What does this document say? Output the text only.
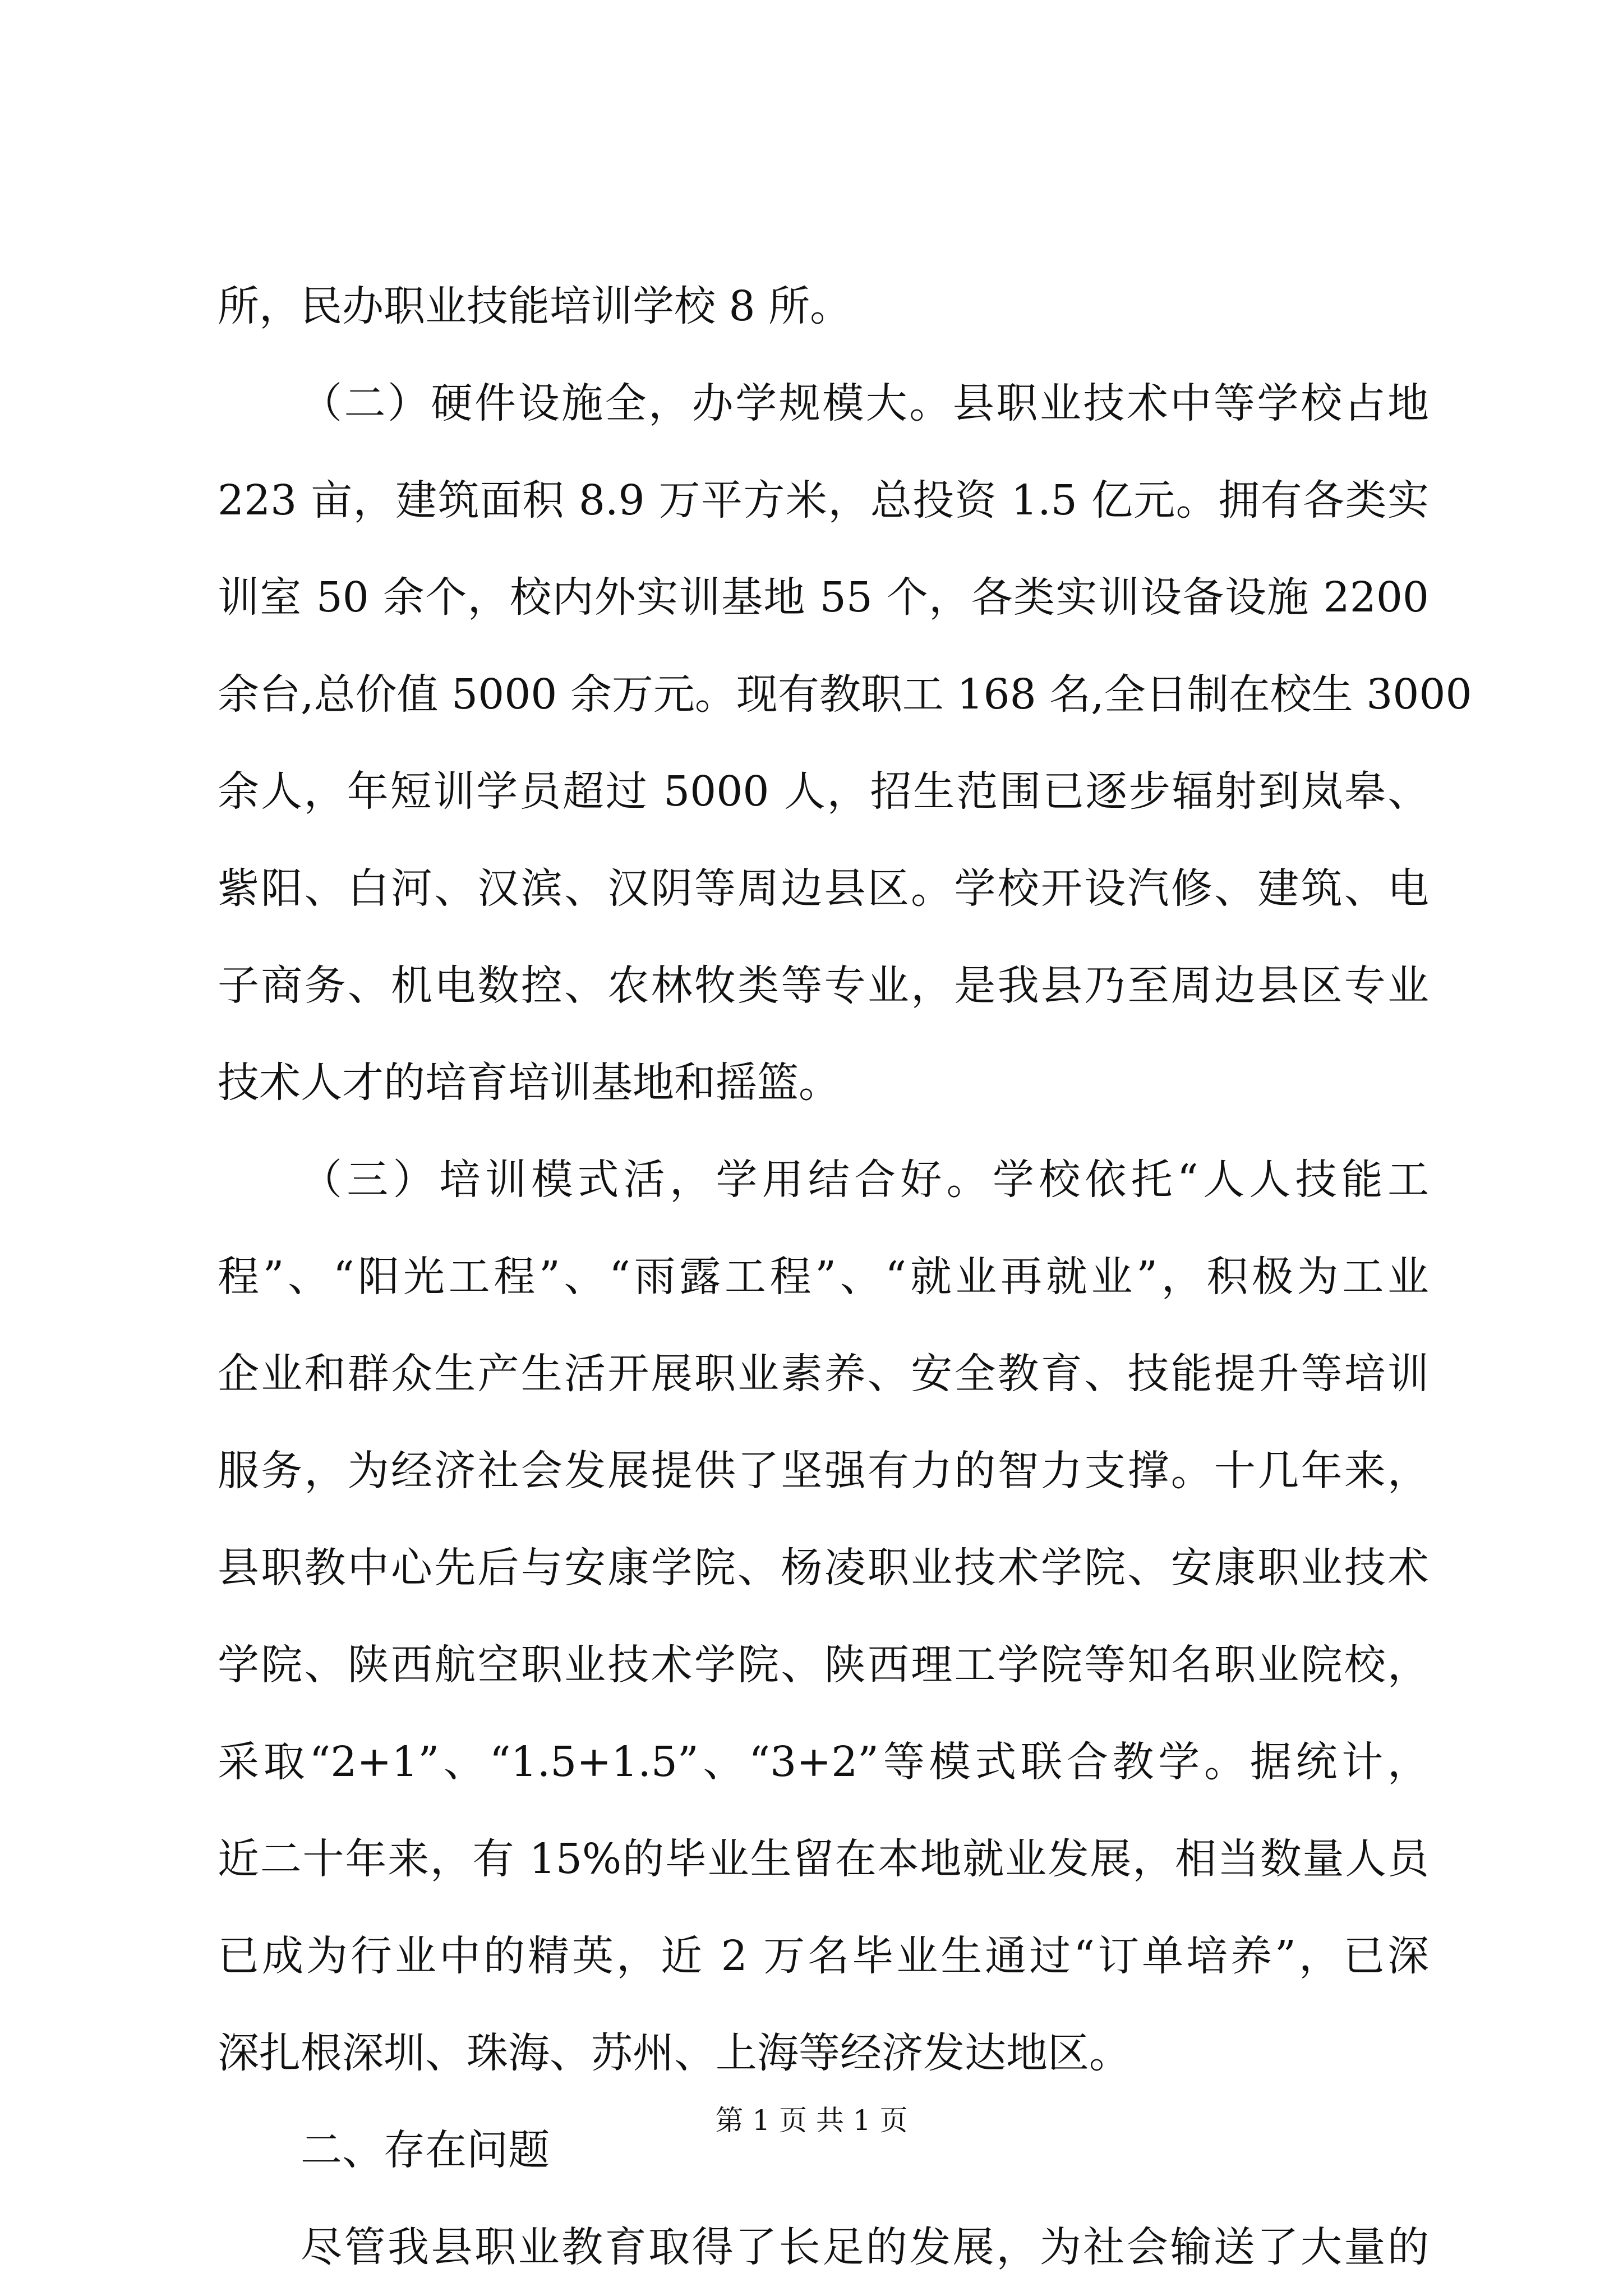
所，民办职业技能培训学校 8 所。
（二）硬件设施全，办学规模大。县职业技术中等学校占地
223 亩，建筑面积 8.9 万平方米，总投资 1.5 亿元。拥有各类实
训室 50 余个，校内外实训基地 55 个，各类实训设备设施 2200
余台,总价值 5000 余万元。现有教职工 168 名,全日制在校生 3000
余人，年短训学员超过 5000 人，招生范围已逐步辐射到岚皋、
紫阳、白河、汉滨、汉阴等周边县区。学校开设汽修、建筑、电
子商务、机电数控、农林牧类等专业，是我县乃至周边县区专业
技术人才的培育培训基地和摇篮。
（三）培训模式活，学用结合好。学校依托“人人技能工
程”、“阳光工程”、“雨露工程”、“就业再就业”，积极为工业
企业和群众生产生活开展职业素养、安全教育、技能提升等培训
服务，为经济社会发展提供了坚强有力的智力支撑。十几年来，
县职教中心先后与安康学院、杨凌职业技术学院、安康职业技术
学院、陕西航空职业技术学院、陕西理工学院等知名职业院校，
采取“2+1”、“1.5+1.5”、“3+2”等模式联合教学。据统计，
近二十年来，有 15%的毕业生留在本地就业发展，相当数量人员
已成为行业中的精英，近 2 万名毕业生通过“订单培养”，已深
深扎根深圳、珠海、苏州、上海等经济发达地区。
二、存在问题
尽管我县职业教育取得了长足的发展，为社会输送了大量的
第 1 页 共 1 页
